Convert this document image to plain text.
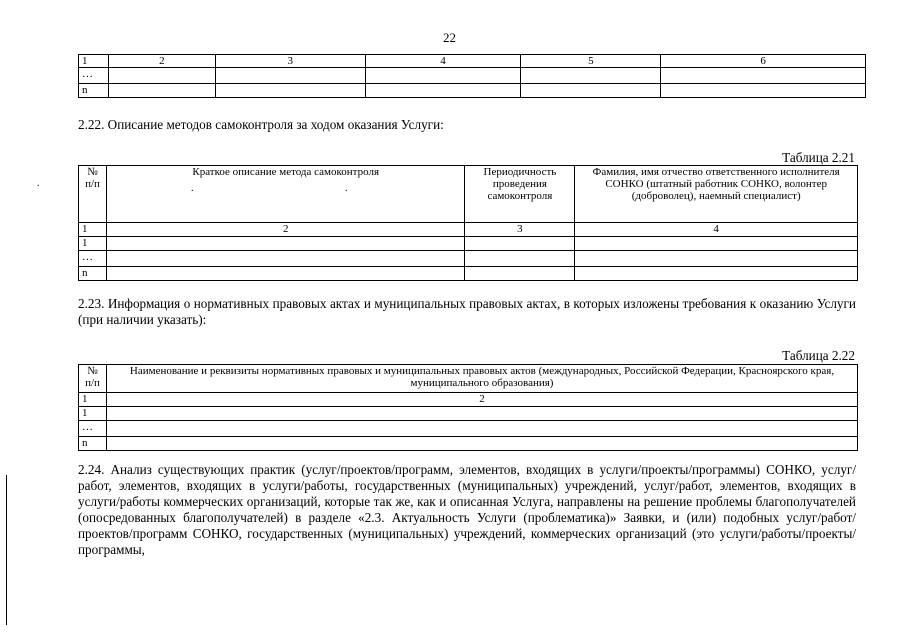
22
1	2	3	4	5	6
…					
n					
2.22. Описание методов самоконтроля за ходом оказания Услуги:
Таблица 2.21
№ п/п	Краткое описание метода самоконтроля	Периодичность проведения самоконтроля	Фамилия, имя отчество ответственного исполнителя СОНКО (штатный работник СОНКО, волонтер (доброволец), наемный специалист)
1	2	3	4
1			
…			
n			
2.23. Информация о нормативных правовых актах и муниципальных правовых актах, в которых изложены требования к оказанию Услуги (при наличии указать):
Таблица 2.22
№ п/п	Наименование и реквизиты нормативных правовых и муниципальных правовых актов (международных, Российской Федерации, Красноярского края, муниципального образования)
1	2
1	
…	
n	
2.24. Анализ существующих практик (услуг/проектов/программ, элементов, входящих в услуги/проекты/программы) СОНКО, услуг/работ, элементов, входящих в услуги/работы, государственных (муниципальных) учреждений, услуг/работ, элементов, входящих в услуги/работы коммерческих организаций, которые так же, как и описанная Услуга, направлены на решение проблемы благополучателей (опосредованных благополучателей) в разделе «2.3. Актуальность Услуги (проблематика)» Заявки, и (или) подобных услуг/работ/проектов/программ СОНКО, государственных (муниципальных) учреждений, коммерческих организаций (это услуги/работы/проекты/программы,
.	.	.
